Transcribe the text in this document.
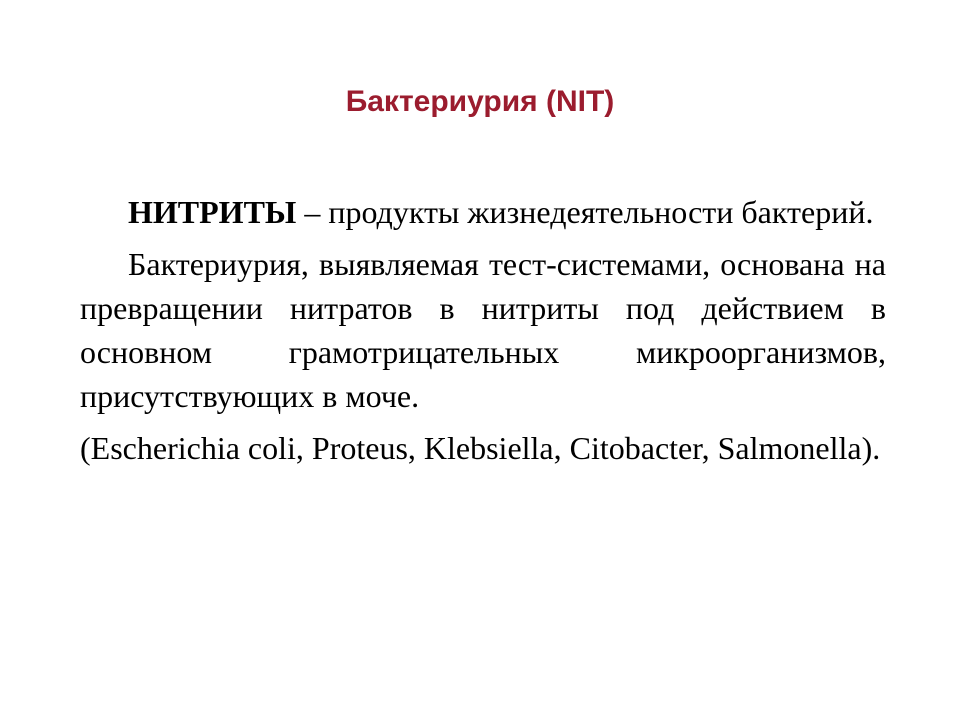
Бактериурия (NIT)

НИТРИТЫ – продукты жизнедеятельности бактерий.

Бактериурия, выявляемая тест-системами, основана на превращении нитратов в нитриты под действием в основном грамотрицательных микроорганизмов, присутствующих в моче.

(Escherichia coli, Proteus, Klebsiella, Citobacter, Salmonella).
